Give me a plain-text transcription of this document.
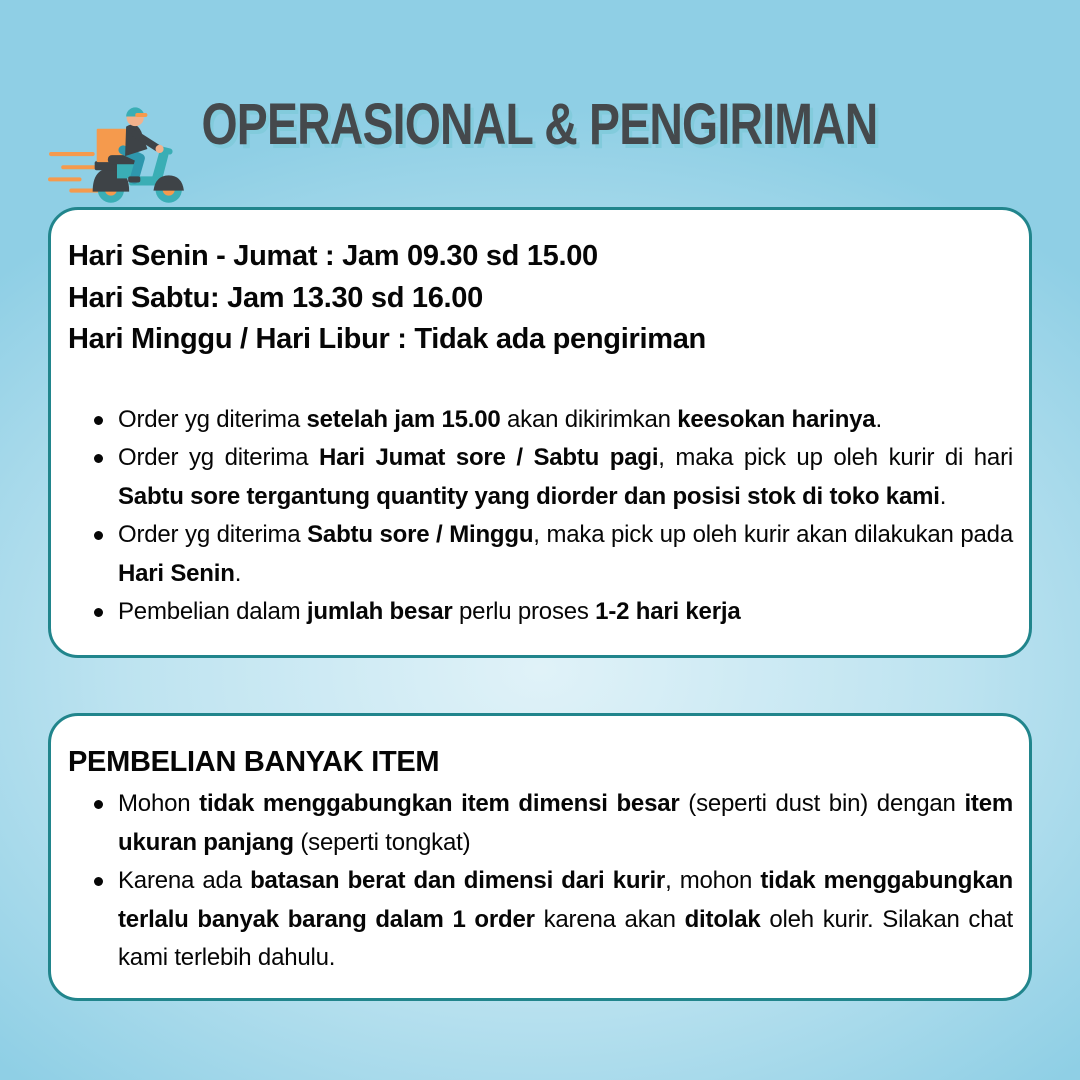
OPERASIONAL & PENGIRIMAN
Hari Senin - Jumat : Jam 09.30 sd 15.00
Hari Sabtu: Jam 13.30 sd 16.00
Hari Minggu / Hari Libur : Tidak ada pengiriman
Order yg diterima setelah jam 15.00 akan dikirimkan keesokan harinya.
Order yg diterima Hari Jumat sore / Sabtu pagi, maka pick up oleh kurir di hari Sabtu sore tergantung quantity yang diorder dan posisi stok di toko kami.
Order yg diterima Sabtu sore / Minggu, maka pick up oleh kurir akan dilakukan pada Hari Senin.
Pembelian dalam jumlah besar perlu proses 1-2 hari kerja
PEMBELIAN BANYAK ITEM
Mohon tidak menggabungkan item dimensi besar (seperti dust bin) dengan item ukuran panjang (seperti tongkat)
Karena ada batasan berat dan dimensi dari kurir, mohon tidak menggabungkan terlalu banyak barang dalam 1 order karena akan ditolak oleh kurir. Silakan chat kami terlebih dahulu.
